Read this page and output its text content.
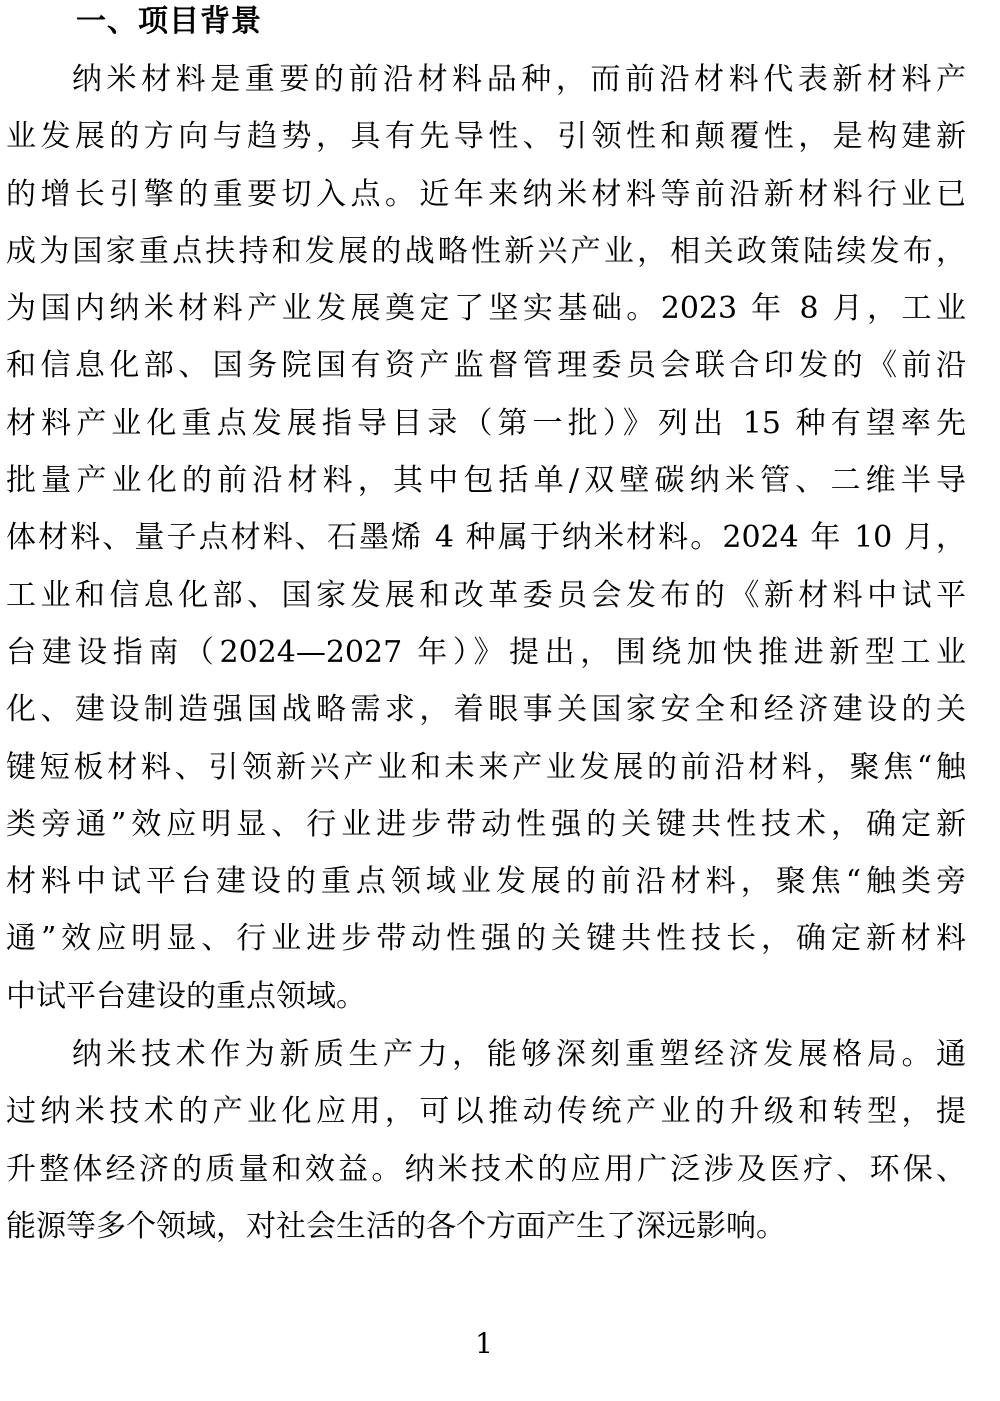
一、项目背景
纳米材料是重要的前沿材料品种，而前沿材料代表新材料产
业发展的方向与趋势，具有先导性、引领性和颠覆性，是构建新
的增长引擎的重要切入点。近年来纳米材料等前沿新材料行业已
成为国家重点扶持和发展的战略性新兴产业，相关政策陆续发布，
为国内纳米材料产业发展奠定了坚实基础。2023 年 8 月，工业
和信息化部、国务院国有资产监督管理委员会联合印发的《前沿
材料产业化重点发展指导目录（第一批）》列出 15 种有望率先
批量产业化的前沿材料，其中包括单/双壁碳纳米管、二维半导
体材料、量子点材料、石墨烯 4 种属于纳米材料。2024 年 10 月，
工业和信息化部、国家发展和改革委员会发布的《新材料中试平
台建设指南（2024—2027 年）》提出，围绕加快推进新型工业
化、建设制造强国战略需求，着眼事关国家安全和经济建设的关
键短板材料、引领新兴产业和未来产业发展的前沿材料，聚焦“触
类旁通”效应明显、行业进步带动性强的关键共性技术，确定新
材料中试平台建设的重点领域业发展的前沿材料，聚焦“触类旁
通”效应明显、行业进步带动性强的关键共性技长，确定新材料
中试平台建设的重点领域。
纳米技术作为新质生产力，能够深刻重塑经济发展格局。通
过纳米技术的产业化应用，可以推动传统产业的升级和转型，提
升整体经济的质量和效益。纳米技术的应用广泛涉及医疗、环保、
能源等多个领域，对社会生活的各个方面产生了深远影响。
1
